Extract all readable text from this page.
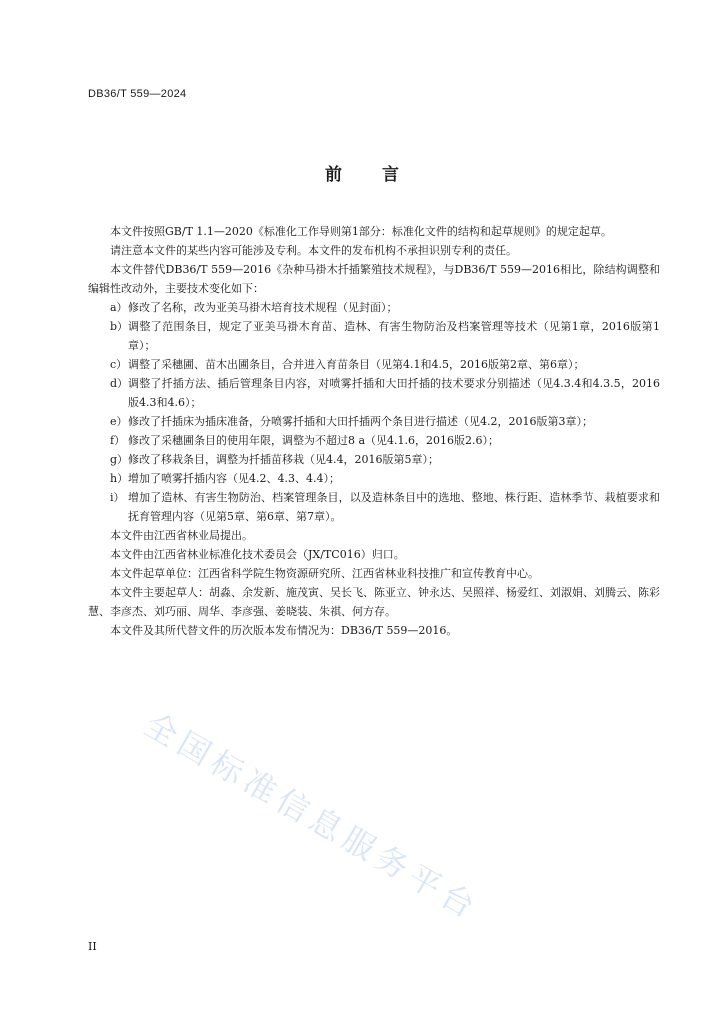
DB36/T 559—2024
前言

本文件按照GB/T 1.1—2020《标准化工作导则第1部分：标准化文件的结构和起草规则》的规定起草。

请注意本文件的某些内容可能涉及专利。本文件的发布机构不承担识别专利的责任。

本文件替代DB36/T 559—2016《杂种马褂木扦插繁殖技术规程》，与DB36/T 559—2016相比，除结构调整和编辑性改动外，主要技术变化如下：

a） 修改了名称，改为亚美马褂木培育技术规程（见封面）；
b） 调整了范围条目，规定了亚美马褂木育苗、造林、有害生物防治及档案管理等技术（见第1章，2016版第1章）；
c） 调整了采穗圃、苗木出圃条目，合并进入育苗条目（见第4.1和4.5，2016版第2章、第6章）；
d） 调整了扦插方法、插后管理条目内容，对喷雾扦插和大田扦插的技术要求分别描述（见4.3.4和4.3.5，2016版4.3和4.6）；
e） 修改了扦插床为插床准备，分喷雾扦插和大田扦插两个条目进行描述（见4.2，2016版第3章）；
f） 修改了采穗圃条目的使用年限，调整为不超过8 a（见4.1.6，2016版2.6）；
g） 修改了移栽条目，调整为扦插苗移栽（见4.4，2016版第5章）；
h） 增加了喷雾扦插内容（见4.2、4.3、4.4）；
i） 增加了造林、有害生物防治、档案管理条目，以及造林条目中的选地、整地、株行距、造林季节、栽植要求和抚育管理内容（见第5章、第6章、第7章）。

本文件由江西省林业局提出。

本文件由江西省林业标准化技术委员会（JX/TC016）归口。

本文件起草单位：江西省科学院生物资源研究所、江西省林业科技推广和宣传教育中心。

本文件主要起草人：胡淼、余发新、施茂寅、吴长飞、陈亚立、钟永达、吴照祥、杨爱红、刘淑娟、刘腾云、陈彩慧、李彦杰、刘巧丽、周华、李彦强、姜晓装、朱祺、何方存。

本文件及其所代替文件的历次版本发布情况为：DB36/T 559—2016。

全国标准信息服务平台
II
